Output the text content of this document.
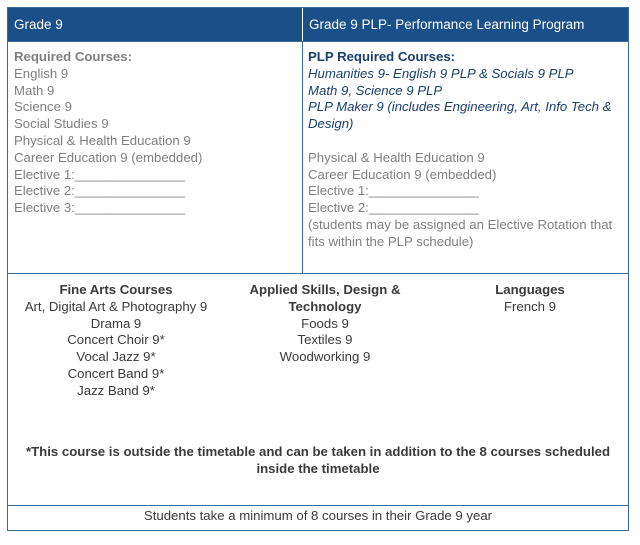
Grade 9	Grade 9 PLP- Performance Learning Program
Required Courses:
English 9
Math 9
Science 9
Social Studies 9
Physical & Health Education 9
Career Education 9 (embedded)
Elective 1:_______________
Elective 2:_______________
Elective 3:_______________
PLP Required Courses:
Humanities 9- English 9 PLP & Socials 9 PLP
Math 9, Science 9 PLP
PLP Maker 9 (includes Engineering, Art, Info Tech & Design)
Physical & Health Education 9
Career Education 9 (embedded)
Elective 1:_______________
Elective 2:_______________
(students may be assigned an Elective Rotation that fits within the PLP schedule)
Fine Arts Courses
Art, Digital Art & Photography 9
Drama 9
Concert Choir 9*
Vocal Jazz 9*
Concert Band 9*
Jazz Band 9*
Applied Skills, Design & Technology
Foods 9
Textiles 9
Woodworking 9
Languages
French 9
*This course is outside the timetable and can be taken in addition to the 8 courses scheduled inside the timetable
Students take a minimum of 8 courses in their Grade 9 year
